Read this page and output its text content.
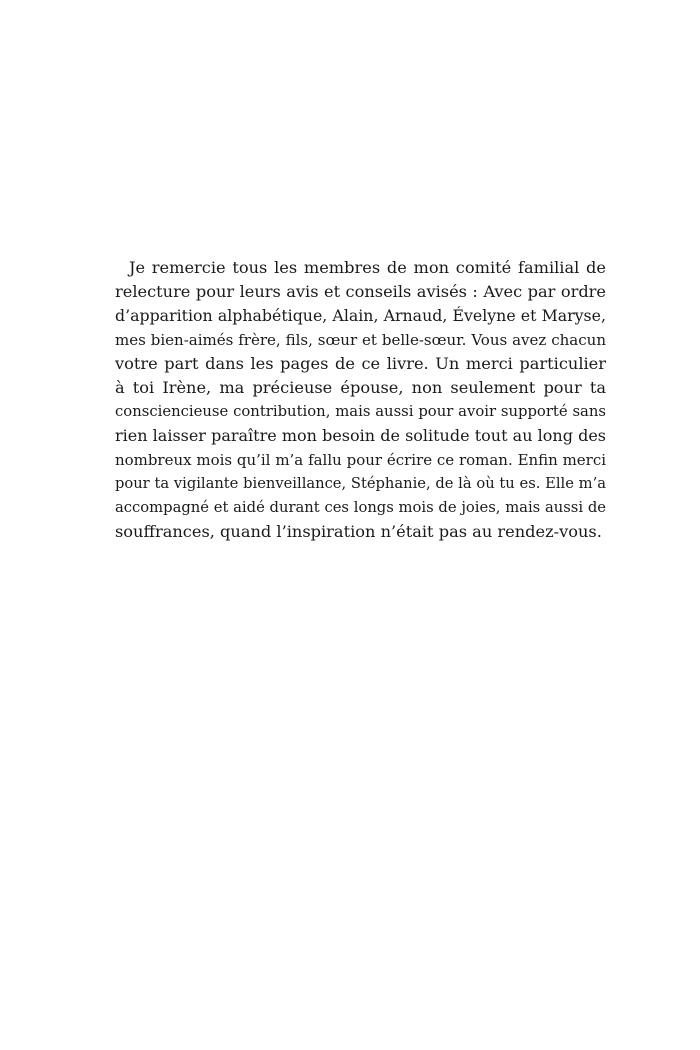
Je remercie tous les membres de mon comité familial de
relecture pour leurs avis et conseils avisés : Avec par ordre
d’apparition alphabétique, Alain, Arnaud, Évelyne et Maryse,
mes bien-aimés frère, fils, sœur et belle-sœur. Vous avez chacun
votre part dans les pages de ce livre. Un merci particulier
à toi Irène, ma précieuse épouse, non seulement pour ta
consciencieuse contribution, mais aussi pour avoir supporté sans
rien laisser paraître mon besoin de solitude tout au long des
nombreux mois qu’il m’a fallu pour écrire ce roman. Enfin merci
pour ta vigilante bienveillance, Stéphanie, de là où tu es. Elle m’a
accompagné et aidé durant ces longs mois de joies, mais aussi de
souffrances, quand l’inspiration n’était pas au rendez-vous.
